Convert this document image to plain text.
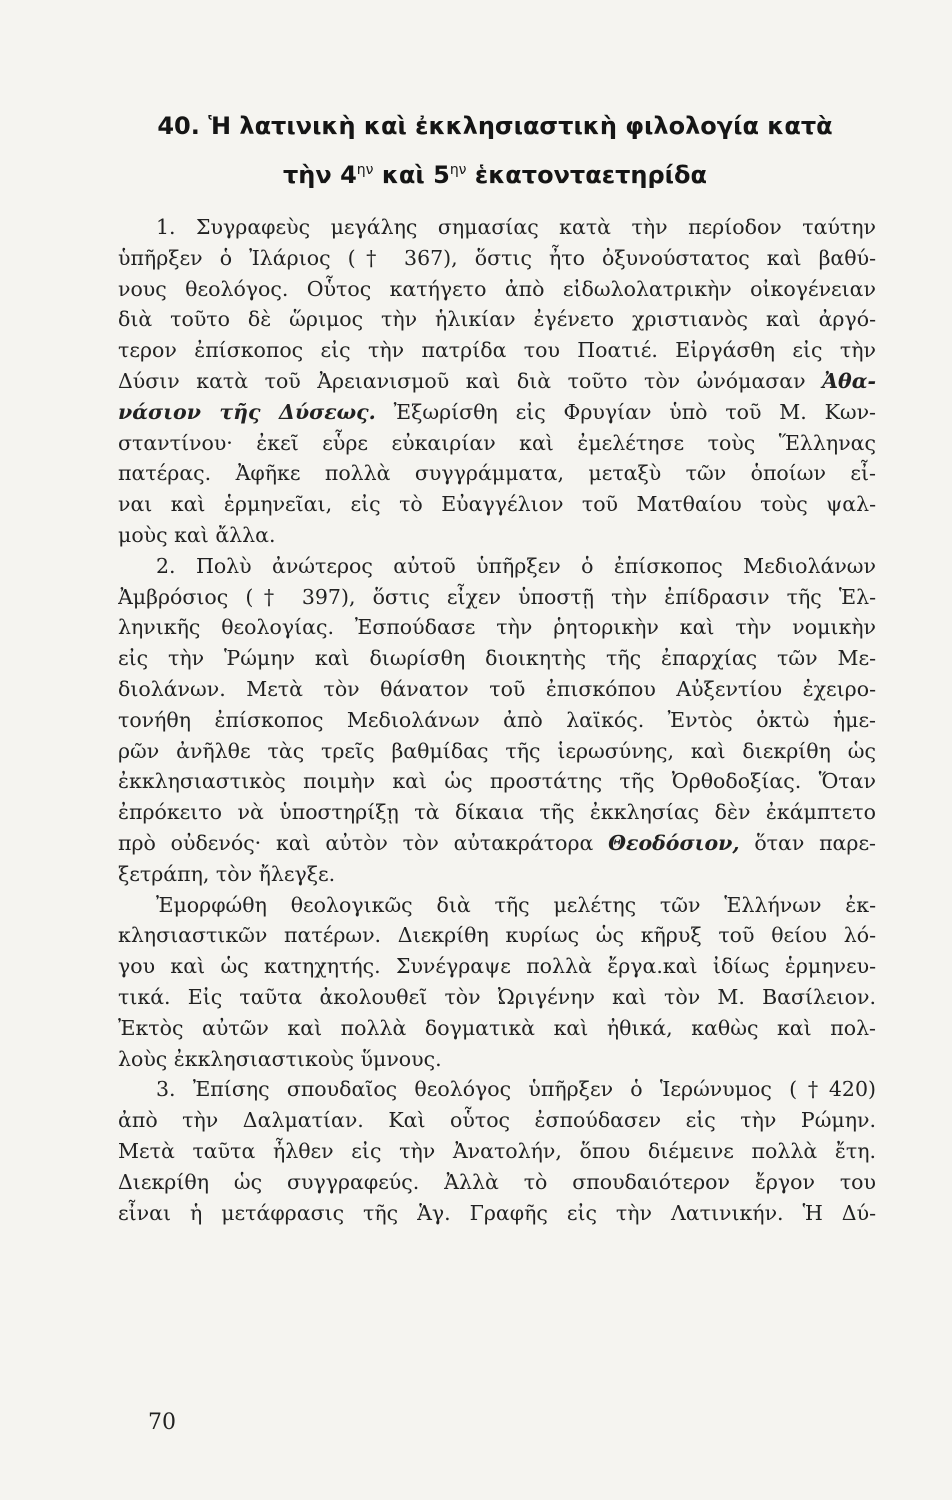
40. Ἡ λατινικὴ καὶ ἐκκλησιαστικὴ φιλολογία κατὰ
τὴν $4^{\eta\nu}$ καὶ $5^{\eta\nu}$ ἑκατονταετηρίδα
1. Συγραφεὺς μεγάλης σημασίας κατὰ τὴν περίοδον ταύτην
ὑπῆρξεν ὁ Ἰλάριος († 367), ὅστις ἦτο ὀξυνούστατος καὶ βαθύ-
νους θεολόγος. Οὗτος κατήγετο ἀπὸ εἰδωλολατρικὴν οἰκογένειαν
διὰ τοῦτο δὲ ὥριμος τὴν ἡλικίαν ἐγένετο χριστιανὸς καὶ ἀργό-
τερον ἐπίσκοπος εἰς τὴν πατρίδα του Ποατιέ. Εἰργάσθη εἰς τὴν
Δύσιν κατὰ τοῦ Ἀρειανισμοῦ καὶ διὰ τοῦτο τὸν ὠνόμασαν Ἀθα-
νάσιον τῆς Δύσεως. Ἐξωρίσθη εἰς Φρυγίαν ὑπὸ τοῦ Μ. Κων-
σταντίνου· ἐκεῖ εὗρε εὐκαιρίαν καὶ ἐμελέτησε τοὺς Ἕλληνας
πατέρας. Ἀφῆκε πολλὰ συγγράμματα, μεταξὺ τῶν ὁποίων εἶ-
ναι καὶ ἑρμηνεῖαι, εἰς τὸ Εὐαγγέλιον τοῦ Ματθαίου τοὺς ψαλ-
μοὺς καὶ ἄλλα.
2. Πολὺ ἀνώτερος αὐτοῦ ὑπῆρξεν ὁ ἐπίσκοπος Μεδιολάνων
Ἀμβρόσιος († 397), ὅστις εἶχεν ὑποστῇ τὴν ἐπίδρασιν τῆς Ἑλ-
ληνικῆς θεολογίας. Ἐσπούδασε τὴν ῥητορικὴν καὶ τὴν νομικὴν
εἰς τὴν Ῥώμην καὶ διωρίσθη διοικητὴς τῆς ἐπαρχίας τῶν Με-
διολάνων. Μετὰ τὸν θάνατον τοῦ ἐπισκόπου Αὐξεντίου ἐχειρο-
τονήθη ἐπίσκοπος Μεδιολάνων ἀπὸ λαϊκός. Ἐντὸς ὀκτὼ ἡμε-
ρῶν ἀνῆλθε τὰς τρεῖς βαθμίδας τῆς ἱερωσύνης, καὶ διεκρίθη ὡς
ἐκκλησιαστικὸς ποιμὴν καὶ ὡς προστάτης τῆς Ὀρθοδοξίας. Ὅταν
ἐπρόκειτο νὰ ὑποστηρίξῃ τὰ δίκαια τῆς ἐκκλησίας δὲν ἐκάμπτετο
πρὸ οὐδενός· καὶ αὐτὸν τὸν αὐτακράτορα Θεοδόσιον, ὅταν παρε-
ξετράπη, τὸν ἤλεγξε.
Ἐμορφώθη θεολογικῶς διὰ τῆς μελέτης τῶν Ἑλλήνων ἐκ-
κλησιαστικῶν πατέρων. Διεκρίθη κυρίως ὡς κῆρυξ τοῦ θείου λό-
γου καὶ ὡς κατηχητής. Συνέγραψε πολλὰ ἔργα.καὶ ἰδίως ἑρμηνευ-
τικά. Εἰς ταῦτα ἀκολουθεῖ τὸν Ὠριγένην καὶ τὸν Μ. Βασίλειον.
Ἐκτὸς αὐτῶν καὶ πολλὰ δογματικὰ καὶ ἠθικά, καθὼς καὶ πολ-
λοὺς ἐκκλησιαστικοὺς ὕμνους.
3. Ἐπίσης σπουδαῖος θεολόγος ὑπῆρξεν ὁ Ἱερώνυμος (†420)
ἀπὸ τὴν Δαλματίαν. Καὶ οὗτος ἐσπούδασεν εἰς τὴν Ρώμην.
Μετὰ ταῦτα ἦλθεν εἰς τὴν Ἀνατολήν, ὅπου διέμεινε πολλὰ ἔτη.
Διεκρίθη ὡς συγγραφεύς. Ἀλλὰ τὸ σπουδαιότερον ἔργον του
εἶναι ἡ μετάφρασις τῆς Ἁγ. Γραφῆς εἰς τὴν Λατινικήν. Ἡ Δύ-
70
